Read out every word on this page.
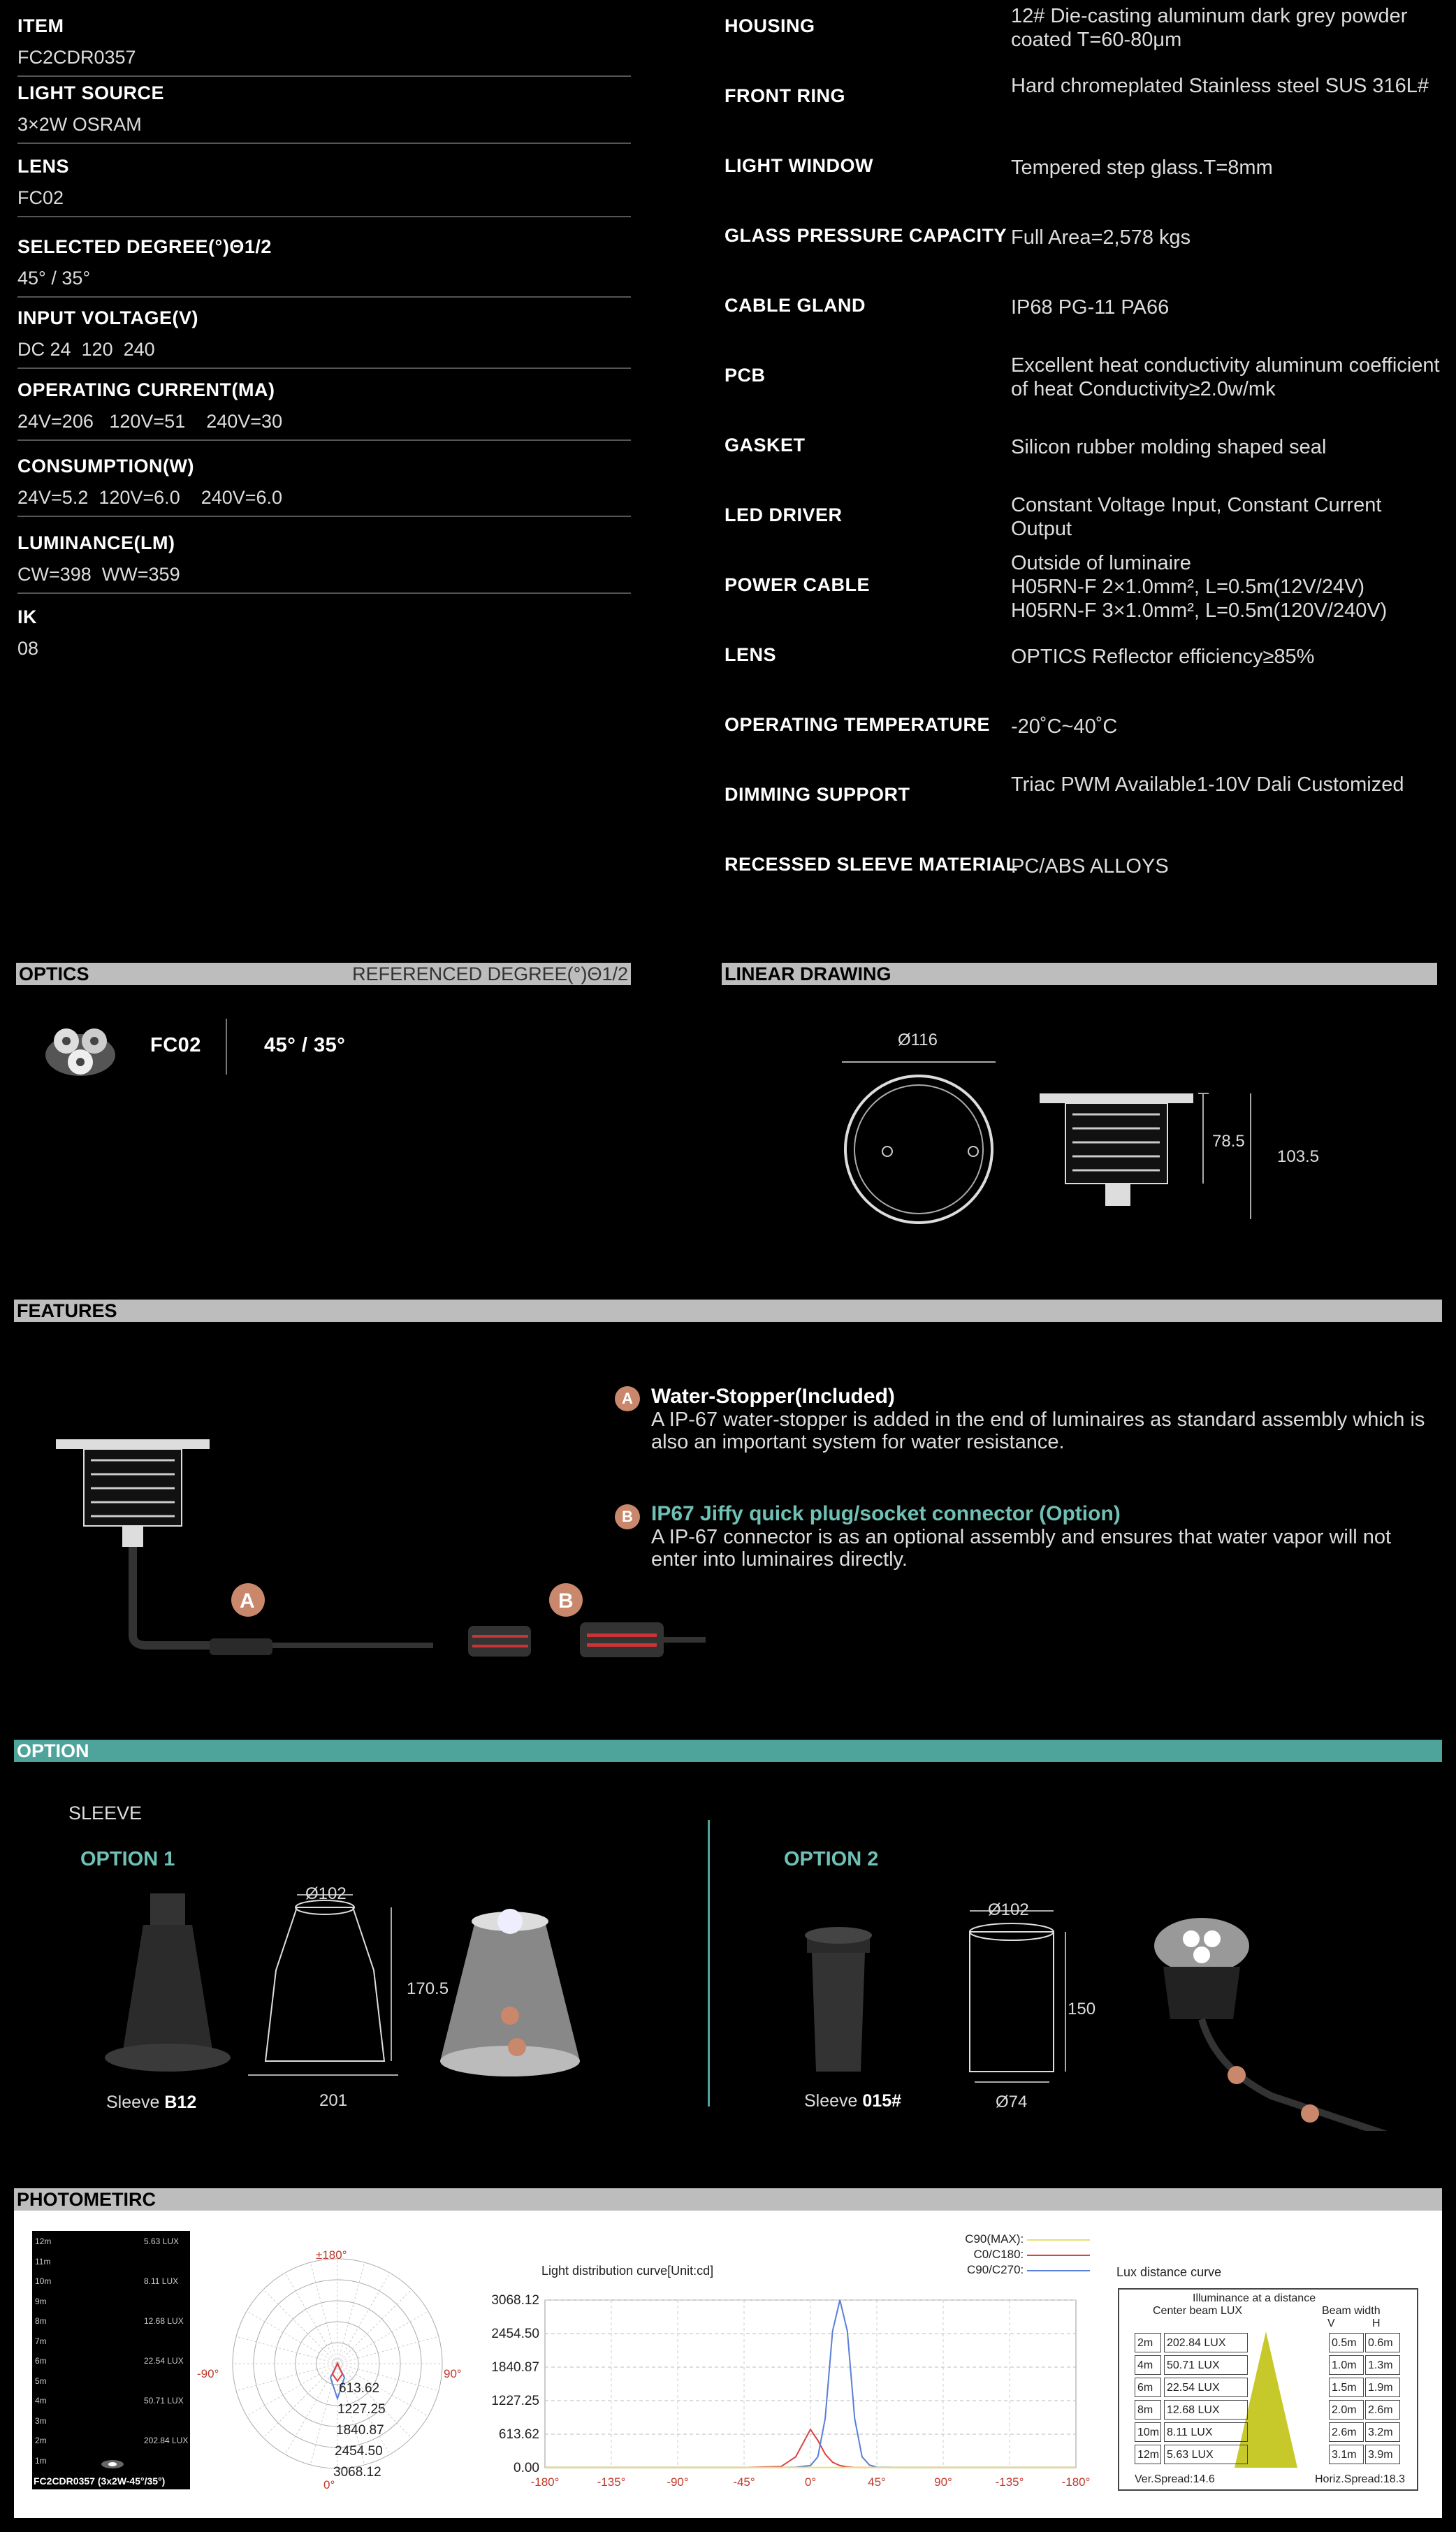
ITEM
FC2CDR0357
LIGHT SOURCE
3×2W OSRAM
LENS
FC02
SELECTED DEGREE(°)Θ1/2
45° / 35°
INPUT VOLTAGE(V)
DC 24  120  240
OPERATING CURRENT(MA)
24V=206   120V=51    240V=30
CONSUMPTION(W)
24V=5.2  120V=6.0    240V=6.0
LUMINANCE(LM)
CW=398  WW=359
IK
08
HOUSING	12# Die-casting aluminum dark grey powder coated T=60-80μm
FRONT RING	Hard chromeplated Stainless steel SUS 316L#
LIGHT WINDOW	Tempered step glass.T=8mm
GLASS PRESSURE CAPACITY Full Area=2,578 kgs
CABLE GLAND	IP68 PG-11 PA66
PCB	Excellent heat conductivity aluminum coefficient of heat Conductivity≥2.0w/mk
GASKET	Silicon rubber molding shaped seal
LED DRIVER	Constant Voltage Input, Constant Current Output
POWER CABLE
Outside of luminaire
H05RN-F 2×1.0mm², L=0.5m(12V/24V)
H05RN-F 3×1.0mm², L=0.5m(120V/240V)
LENS	OPTICS Reflector efficiency≥85%
OPERATING TEMPERATURE -20˚C~40˚C
DIMMING SUPPORT	Triac PWM Available1-10V Dali Customized
RECESSED SLEEVE MATERIAL
PC/ABS ALLOYS
OPTICS	REFERENCED DEGREE(°)Θ1/2
FC02	45° / 35°
LINEAR DRAWING
Ø116
78.5
103.5
FEATURES
A	B
A Water-Stopper(Included)
A IP-67 water-stopper is added in the end of luminaires as standard assembly which is also an important system for water resistance.
B IP67 Jiffy quick plug/socket connector (Option)
A IP-67 connector is as an optional assembly and ensures that water vapor will not enter into luminaires directly.
OPTION
SLEEVE
OPTION 1	OPTION 2
Ø102
170.5
201
Sleeve B12
Ø102
150
Ø74
Sleeve 015#
PHOTOMETIRC
12m	5.63 LUX
11m
10m	8.11 LUX
9m
8m	12.68 LUX
7m
6m	22.54 LUX
5m
4m	50.71 LUX
3m
2m	202.84 LUX
1m
FC2CDR0357 (3x2W-45°/35°)
±180°
-90°	90°
0°
613.62
1227.25
1840.87
2454.50
3068.12
Light distribution curve[Unit:cd]
C90(MAX):
C0/C180:
C90/C270:
0.00
613.62
1227.25
1840.87
2454.50
3068.12
-180°	-135°	-90°	-45°	0°	45°	90°	-135°	-180°
Lux distance curve
Illuminance at a distance
Center beam LUX	Beam width
V	H
2m	202.84 LUX	0.5m	0.6m
4m	50.71 LUX	1.0m	1.3m
6m	22.54 LUX	1.5m	1.9m
8m	12.68 LUX	2.0m	2.6m
10m 8.11 LUX	2.6m	3.2m
12m 5.63 LUX	3.1m	3.9m
Ver.Spread:14.6	Horiz.Spread:18.3
